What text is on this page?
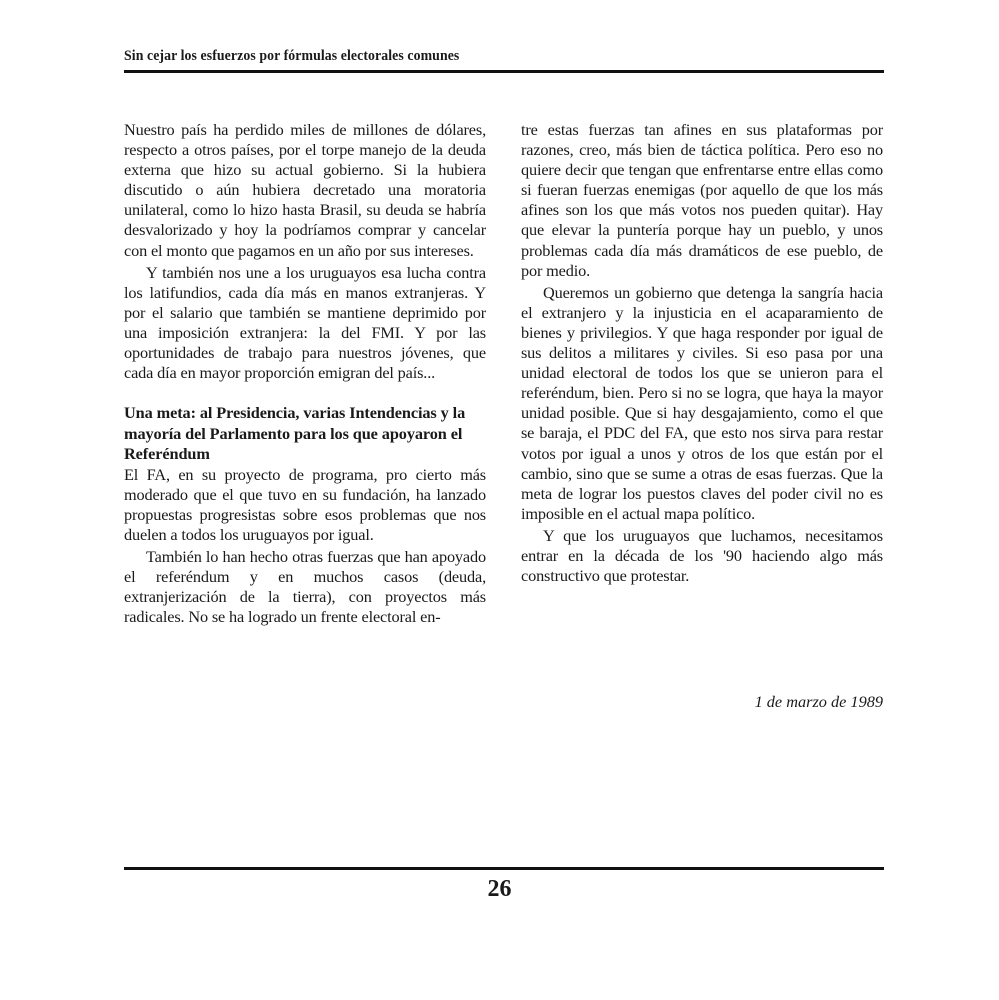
Sin cejar los esfuerzos por fórmulas electorales comunes

Nuestro país ha perdido miles de millones de dólares, respecto a otros países, por el torpe manejo de la deuda externa que hizo su actual gobierno. Si la hubiera discutido o aún hubiera decretado una moratoria unilateral, como lo hizo hasta Brasil, su deuda se habría desvalorizado y hoy la podríamos comprar y cancelar con el monto que pagamos en un año por sus intereses.

Y también nos une a los uruguayos esa lucha contra los latifundios, cada día más en manos extranjeras. Y por el salario que también se mantiene deprimido por una imposición extranjera: la del FMI. Y por las oportunidades de trabajo para nuestros jóvenes, que cada día en mayor proporción emigran del país...

Una meta: al Presidencia, varias Intendencias y la mayoría del Parlamento para los que apoyaron el Referéndum

El FA, en su proyecto de programa, pro cierto más moderado que el que tuvo en su fundación, ha lanzado propuestas progresistas sobre esos problemas que nos duelen a todos los uruguayos por igual.

También lo han hecho otras fuerzas que han apoyado el referéndum y en muchos casos (deuda, extranjerización de la tierra), con proyectos más radicales. No se ha logrado un frente electoral en-

tre estas fuerzas tan afines en sus plataformas por razones, creo, más bien de táctica política. Pero eso no quiere decir que tengan que enfrentarse entre ellas como si fueran fuerzas enemigas (por aquello de que los más afines son los que más votos nos pueden quitar). Hay que elevar la puntería porque hay un pueblo, y unos problemas cada día más dramáticos de ese pueblo, de por medio.

Queremos un gobierno que detenga la sangría hacia el extranjero y la injusticia en el acaparamiento de bienes y privilegios. Y que haga responder por igual de sus delitos a militares y civiles. Si eso pasa por una unidad electoral de todos los que se unieron para el referéndum, bien. Pero si no se logra, que haya la mayor unidad posible. Que si hay desgajamiento, como el que se baraja, el PDC del FA, que esto nos sirva para restar votos por igual a unos y otros de los que están por el cambio, sino que se sume a otras de esas fuerzas. Que la meta de lograr los puestos claves del poder civil no es imposible en el actual mapa político.

Y que los uruguayos que luchamos, necesitamos entrar en la década de los '90 haciendo algo más constructivo que protestar.

1 de marzo de 1989
26
